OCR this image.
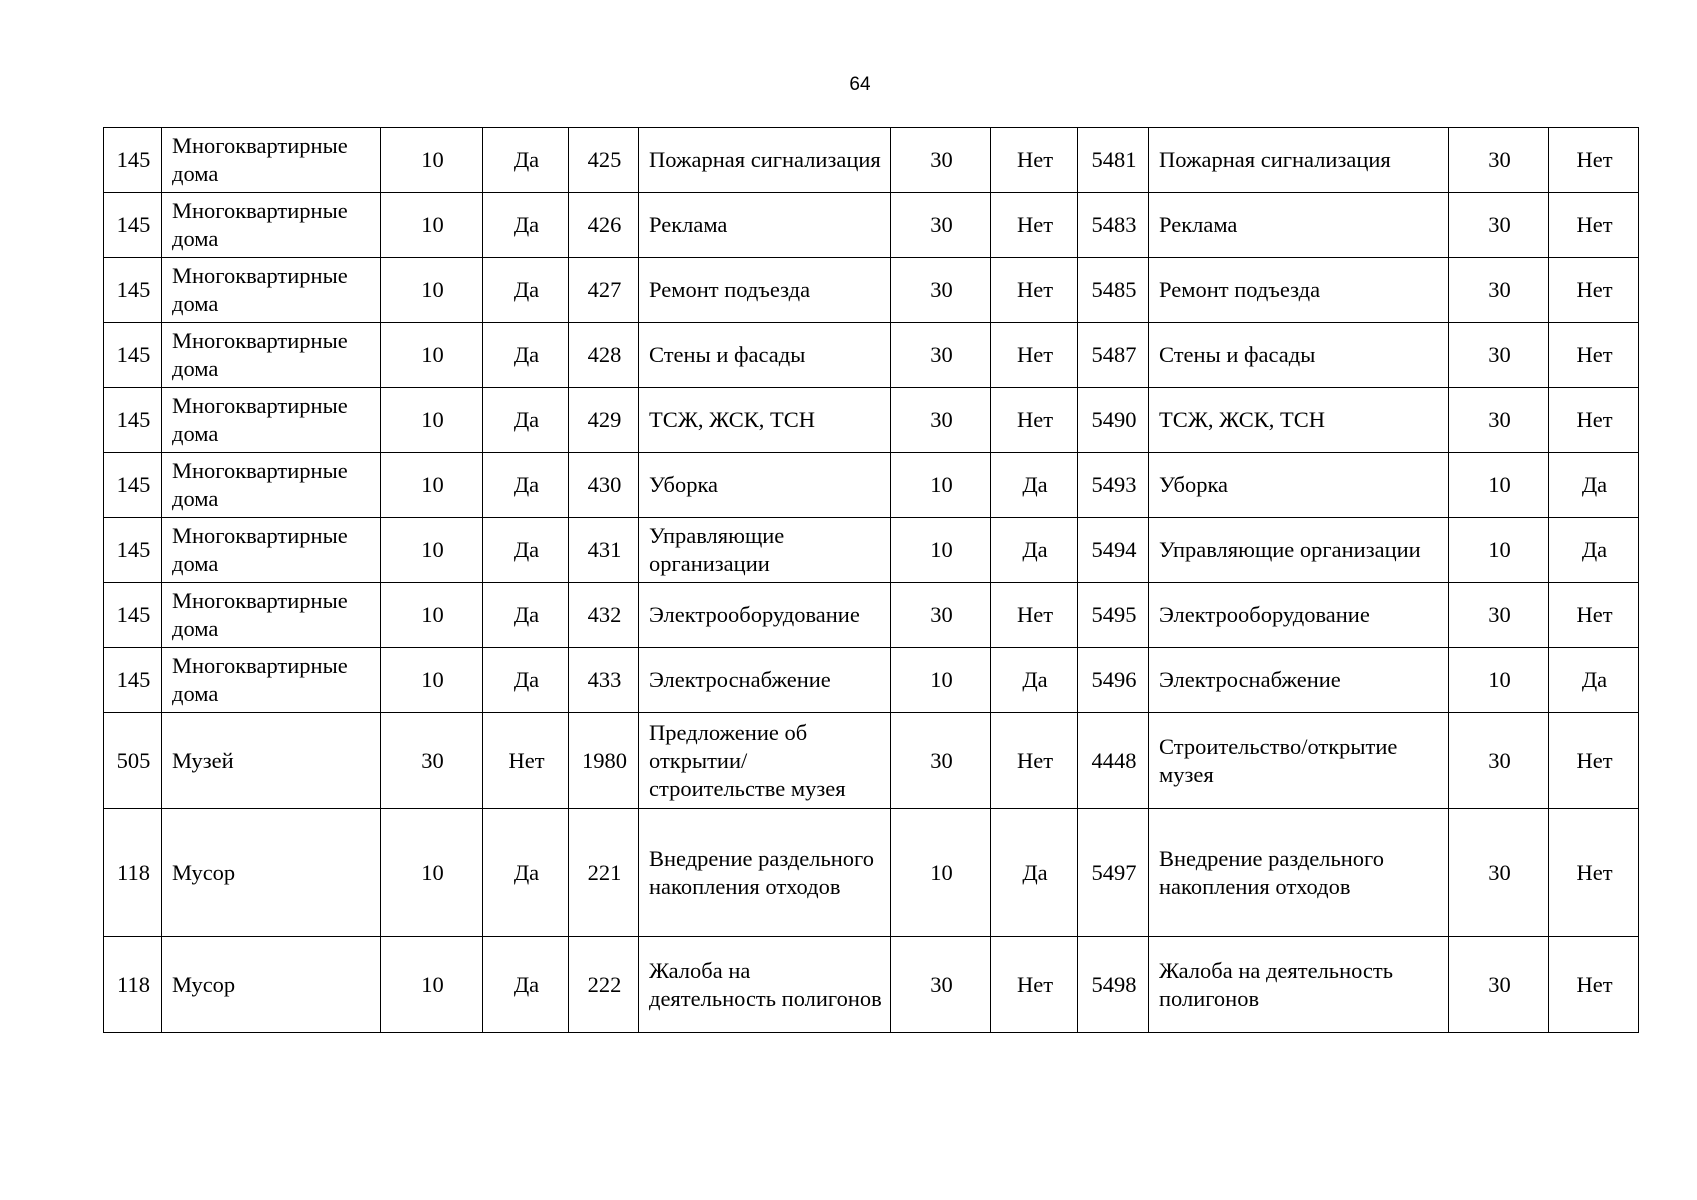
64
145	Многоквартирные дома	10	Да	425	Пожарная сигнализация	30	Нет	5481	Пожарная сигнализация	30	Нет
145	Многоквартирные дома	10	Да	426	Реклама	30	Нет	5483	Реклама	30	Нет
145	Многоквартирные дома	10	Да	427	Ремонт подъезда	30	Нет	5485	Ремонт подъезда	30	Нет
145	Многоквартирные дома	10	Да	428	Стены и фасады	30	Нет	5487	Стены и фасады	30	Нет
145	Многоквартирные дома	10	Да	429	ТСЖ, ЖСК, ТСН	30	Нет	5490	ТСЖ, ЖСК, ТСН	30	Нет
145	Многоквартирные дома	10	Да	430	Уборка	10	Да	5493	Уборка	10	Да
145	Многоквартирные дома	10	Да	431	Управляющие организации	10	Да	5494	Управляющие организации	10	Да
145	Многоквартирные дома	10	Да	432	Электрооборудование	30	Нет	5495	Электрооборудование	30	Нет
145	Многоквартирные дома	10	Да	433	Электроснабжение	10	Да	5496	Электроснабжение	10	Да
505	Музей	30	Нет	1980	Предложение об открытии/строительстве музея	30	Нет	4448	Строительство/открытие музея	30	Нет
118	Мусор	10	Да	221	Внедрение раздельного накопления отходов	10	Да	5497	Внедрение раздельного накопления отходов	30	Нет
118	Мусор	10	Да	222	Жалоба на деятельность полигонов	30	Нет	5498	Жалоба на деятельность полигонов	30	Нет
